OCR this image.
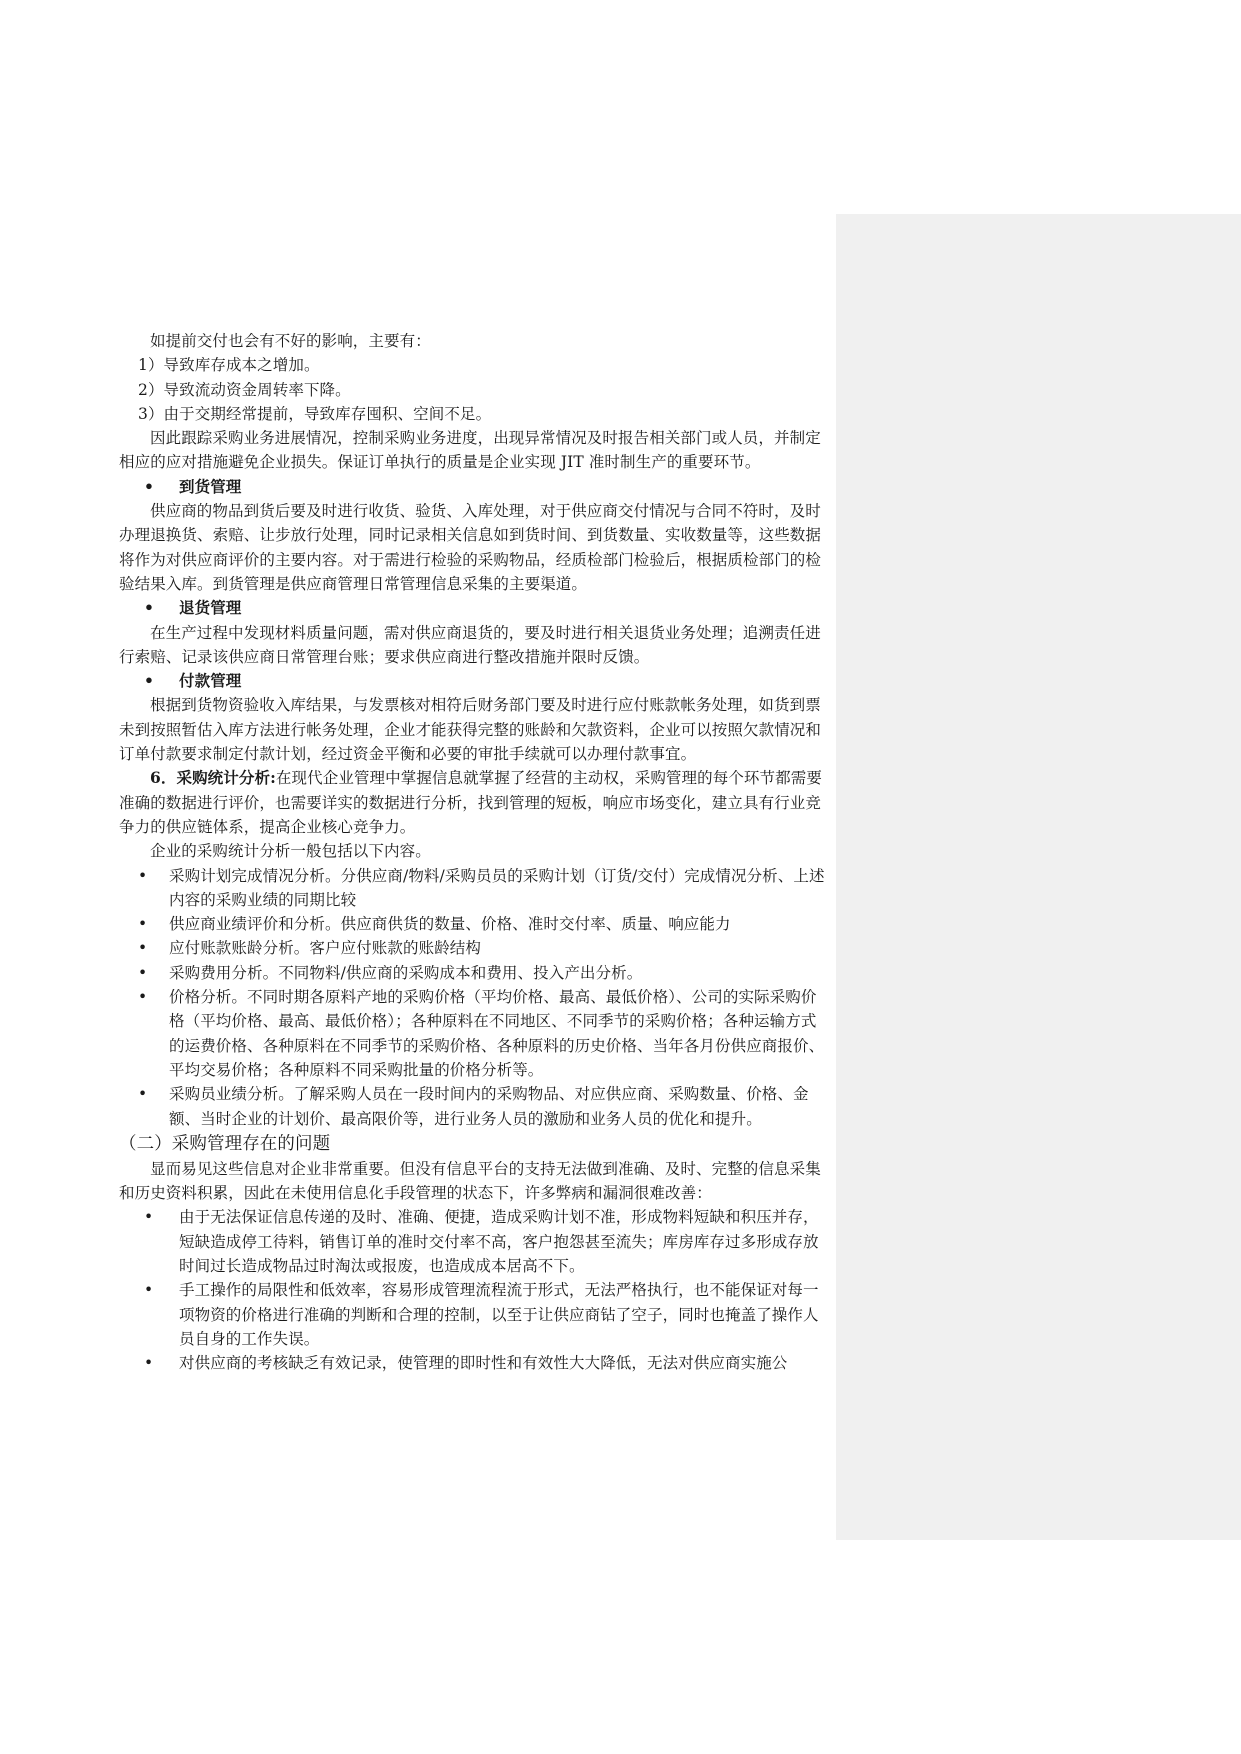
如提前交付也会有不好的影响，主要有：

1）导致库存成本之增加。

2）导致流动资金周转率下降。

3）由于交期经常提前，导致库存囤积、空间不足。

因此跟踪采购业务进展情况，控制采购业务进度，出现异常情况及时报告相关部门或人员，并制定相应的应对措施避免企业损失。保证订单执行的质量是企业实现 JIT 准时制生产的重要环节。

• 到货管理

供应商的物品到货后要及时进行收货、验货、入库处理，对于供应商交付情况与合同不符时，及时办理退换货、索赔、让步放行处理，同时记录相关信息如到货时间、到货数量、实收数量等，这些数据将作为对供应商评价的主要内容。对于需进行检验的采购物品，经质检部门检验后，根据质检部门的检验结果入库。到货管理是供应商管理日常管理信息采集的主要渠道。

• 退货管理

在生产过程中发现材料质量问题，需对供应商退货的，要及时进行相关退货业务处理；追溯责任进行索赔、记录该供应商日常管理台账；要求供应商进行整改措施并限时反馈。

• 付款管理

根据到货物资验收入库结果，与发票核对相符后财务部门要及时进行应付账款帐务处理，如货到票未到按照暂估入库方法进行帐务处理，企业才能获得完整的账龄和欠款资料，企业可以按照欠款情况和订单付款要求制定付款计划，经过资金平衡和必要的审批手续就可以办理付款事宜。

6．采购统计分析:在现代企业管理中掌握信息就掌握了经营的主动权，采购管理的每个环节都需要准确的数据进行评价，也需要详实的数据进行分析，找到管理的短板，响应市场变化，建立具有行业竞争力的供应链体系，提高企业核心竞争力。

企业的采购统计分析一般包括以下内容。

• 采购计划完成情况分析。分供应商/物料/采购员员的采购计划（订货/交付）完成情况分析、上述内容的采购业绩的同期比较
• 供应商业绩评价和分析。供应商供货的数量、价格、准时交付率、质量、响应能力
• 应付账款账龄分析。客户应付账款的账龄结构
• 采购费用分析。不同物料/供应商的采购成本和费用、投入产出分析。
• 价格分析。不同时期各原料产地的采购价格（平均价格、最高、最低价格）、公司的实际采购价格（平均价格、最高、最低价格）；各种原料在不同地区、不同季节的采购价格；各种运输方式的运费价格、各种原料在不同季节的采购价格、各种原料的历史价格、当年各月份供应商报价、平均交易价格；各种原料不同采购批量的价格分析等。
• 采购员业绩分析。了解采购人员在一段时间内的采购物品、对应供应商、采购数量、价格、金额、当时企业的计划价、最高限价等，进行业务人员的激励和业务人员的优化和提升。

（二）采购管理存在的问题

显而易见这些信息对企业非常重要。但没有信息平台的支持无法做到准确、及时、完整的信息采集和历史资料积累，因此在未使用信息化手段管理的状态下，许多弊病和漏洞很难改善：

• 由于无法保证信息传递的及时、准确、便捷，造成采购计划不准，形成物料短缺和积压并存，短缺造成停工待料，销售订单的准时交付率不高，客户抱怨甚至流失；库房库存过多形成存放时间过长造成物品过时淘汰或报废，也造成成本居高不下。
• 手工操作的局限性和低效率，容易形成管理流程流于形式，无法严格执行，也不能保证对每一项物资的价格进行准确的判断和合理的控制，以至于让供应商钻了空子，同时也掩盖了操作人员自身的工作失误。
• 对供应商的考核缺乏有效记录，使管理的即时性和有效性大大降低，无法对供应商实施公
